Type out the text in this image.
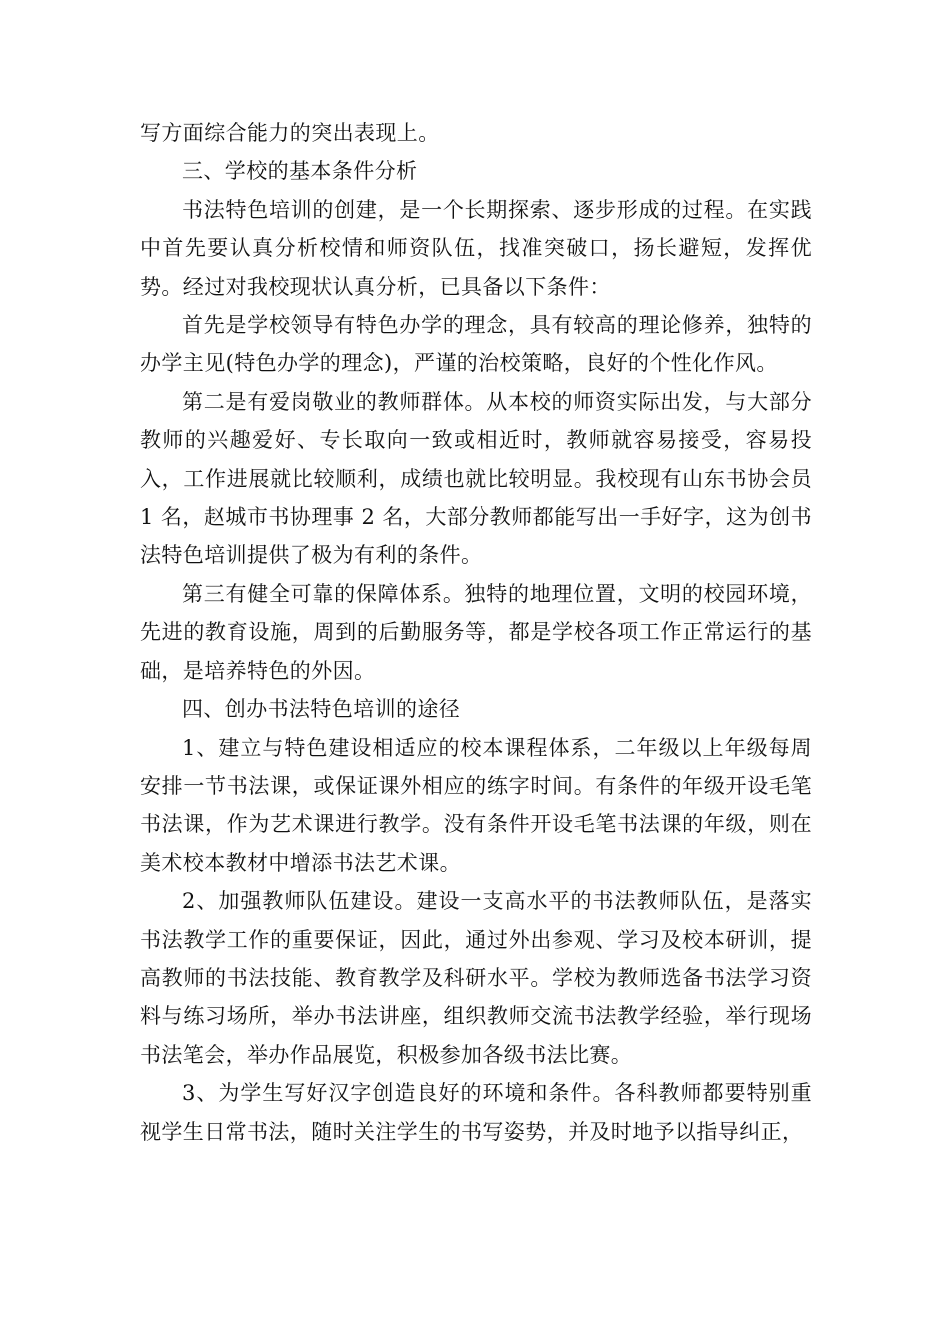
写方面综合能力的突出表现上。

三、学校的基本条件分析

书法特色培训的创建，是一个长期探索、逐步形成的过程。在实践中首先要认真分析校情和师资队伍，找准突破口，扬长避短，发挥优势。经过对我校现状认真分析，已具备以下条件：

首先是学校领导有特色办学的理念，具有较高的理论修养，独特的办学主见(特色办学的理念)，严谨的治校策略，良好的个性化作风。

第二是有爱岗敬业的教师群体。从本校的师资实际出发，与大部分教师的兴趣爱好、专长取向一致或相近时，教师就容易接受，容易投入，工作进展就比较顺利，成绩也就比较明显。我校现有山东书协会员 1 名，赵城市书协理事 2 名，大部分教师都能写出一手好字，这为创书法特色培训提供了极为有利的条件。

第三有健全可靠的保障体系。独特的地理位置，文明的校园环境，先进的教育设施，周到的后勤服务等，都是学校各项工作正常运行的基础，是培养特色的外因。

四、创办书法特色培训的途径

1、建立与特色建设相适应的校本课程体系，二年级以上年级每周安排一节书法课，或保证课外相应的练字时间。有条件的年级开设毛笔书法课，作为艺术课进行教学。没有条件开设毛笔书法课的年级，则在美术校本教材中增添书法艺术课。

2、加强教师队伍建设。建设一支高水平的书法教师队伍，是落实书法教学工作的重要保证，因此，通过外出参观、学习及校本研训，提高教师的书法技能、教育教学及科研水平。学校为教师选备书法学习资料与练习场所，举办书法讲座，组织教师交流书法教学经验，举行现场书法笔会，举办作品展览，积极参加各级书法比赛。

3、为学生写好汉字创造良好的环境和条件。各科教师都要特别重视学生日常书法，随时关注学生的书写姿势，并及时地予以指导纠正，
